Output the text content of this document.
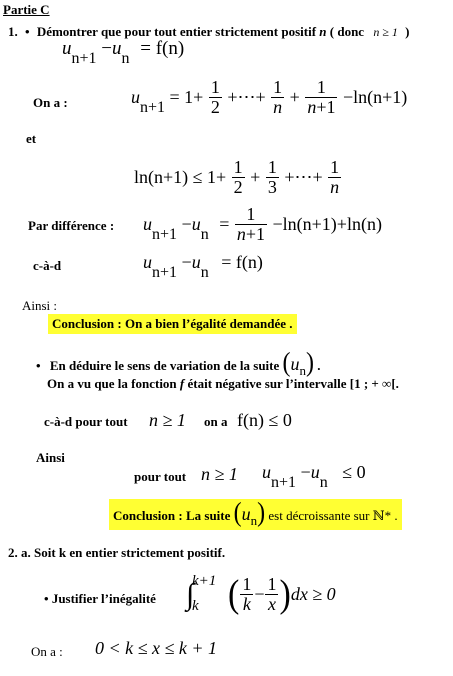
Partie C
1. • Démontrer que pour tout entier strictement positif n ( donc n ≥ 1 )
$u_{n+1} -u_n = f(n)$
On a :	$un+1 = 1+ \frac{1}{2}$ +⋯+ $\frac{1}{n} + \frac{1}{n+1} -\ln(n+1)$
et
$\ln(n+1) \le 1+ \frac{1}{2} + \frac{1}{3}$ +⋯+ $\frac{1}{n}$
Par différence : $un+1 -un = \frac{1}{n+1} -\ln(n+1)+\ln(n)$
c-à-d	un+1 −un = f(n)
Ainsi :
Conclusion : On a bien l’égalité demandée .
• En déduire le sens de variation de la suite $(u_n)$ .
On a vu que la fonction f était négative sur l’intervalle [1 ; + ∞[.
c-à-d pour tout n ≥ 1 on a f(n) ≤ 0
Ainsi
pour tout n ≥ 1 un+1 −un ≤ 0
Conclusion : La suite $(u_n)$ est décroissante sur ℕ* .
2. a. Soit k en entier strictement positif.
• Justifier l’inégalité ∫
k+1
k ( $\frac{1}{k} - \frac{1}{x} )dx \ge 0$
On a : 0 < k ≤ x ≤ k + 1
